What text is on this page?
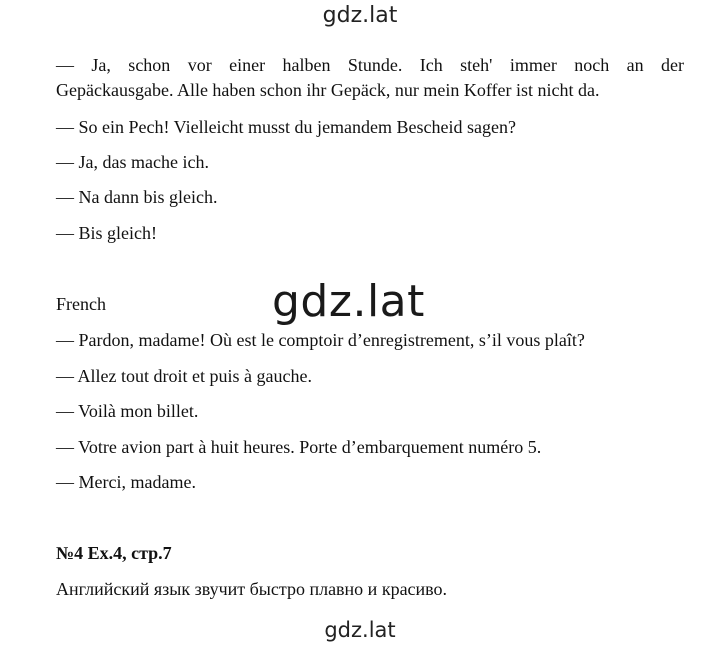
gdz.lat
— Ja, schon vor einer halben Stunde. Ich steh' immer noch an der
Gepäckausgabe. Alle haben schon ihr Gepäck, nur mein Koffer ist nicht da.
— So ein Pech! Vielleicht musst du jemandem Bescheid sagen?
— Ja, das mache ich.
— Na dann bis gleich.
— Bis gleich!
French
— Pardon, madame! Où est le comptoir d’enregistrement, s’il vous plaît?
— Allez tout droit et puis à gauche.
— Voilà mon billet.
— Votre avion part à huit heures. Porte d’embarquement numéro 5.
— Merci, madame.
gdz.lat
№4 Ex.4, стр.7
Английский язык звучит быстро плавно и красиво.
gdz.lat
